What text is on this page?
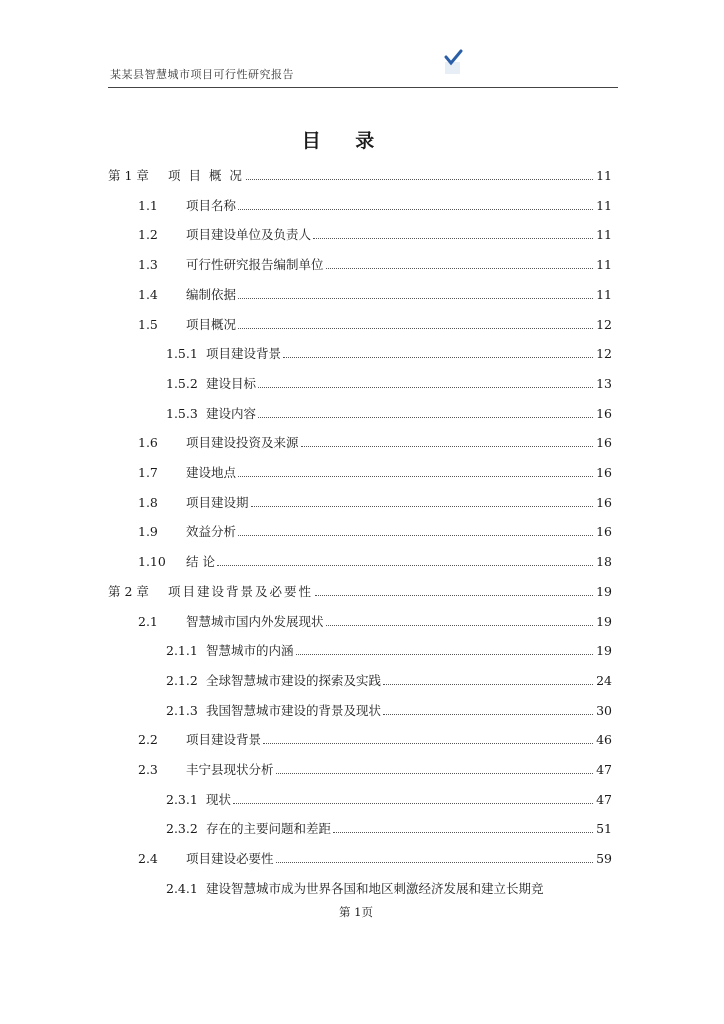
某某县智慧城市项目可行性研究报告
目 录
第 1 章	项 目 概 况	11
1.1	项目名称	11
1.2	项目建设单位及负责人	11
1.3	可行性研究报告编制单位	11
1.4	编制依据	11
1.5	项目概况	12
1.5.1 项目建设背景	12
1.5.2 建设目标	13
1.5.3 建设内容	16
1.6	项目建设投资及来源	16
1.7	建设地点	16
1.8	项目建设期	16
1.9	效益分析	16
1.10	结 论	18
第 2 章	项目建设背景及必要性	19
2.1	智慧城市国内外发展现状	19
2.1.1 智慧城市的内涵	19
2.1.2 全球智慧城市建设的探索及实践	24
2.1.3 我国智慧城市建设的背景及现状	30
2.2	项目建设背景	46
2.3	丰宁县现状分析	47
2.3.1 现状	47
2.3.2 存在的主要问题和差距	51
2.4	项目建设必要性	59
2.4.1 建设智慧城市成为世界各国和地区刺激经济发展和建立长期竞
第 1页
